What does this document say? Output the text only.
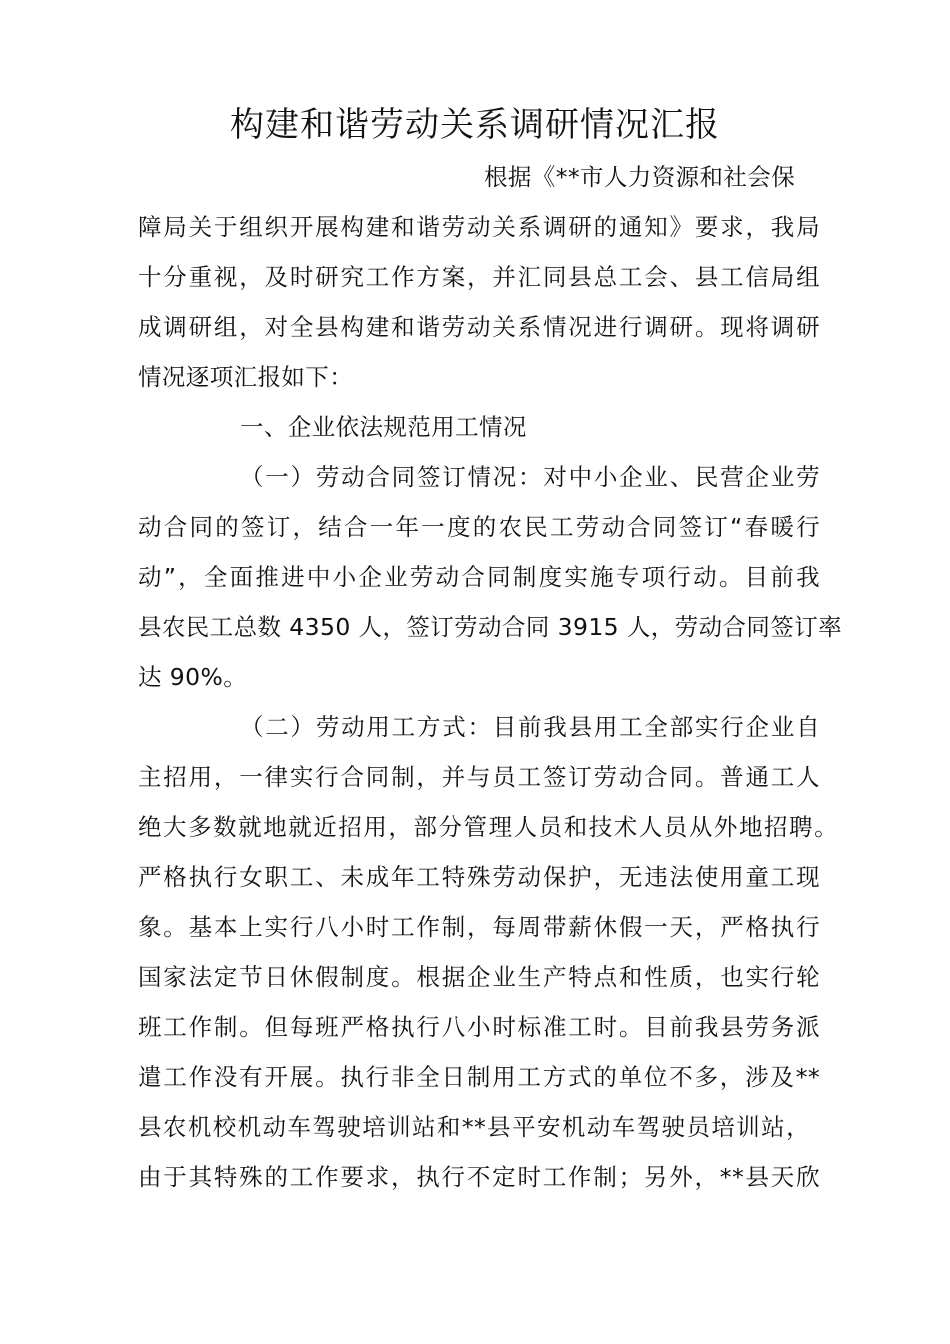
构建和谐劳动关系调研情况汇报
根据《**市人力资源和社会保
障局关于组织开展构建和谐劳动关系调研的通知》要求，我局
十分重视，及时研究工作方案，并汇同县总工会、县工信局组
成调研组，对全县构建和谐劳动关系情况进行调研。现将调研
情况逐项汇报如下：
一、企业依法规范用工情况
（一）劳动合同签订情况：对中小企业、民营企业劳
动合同的签订，结合一年一度的农民工劳动合同签订“春暖行
动”，全面推进中小企业劳动合同制度实施专项行动。目前我
县农民工总数 4350 人，签订劳动合同 3915 人，劳动合同签订率
达 90%。
（二）劳动用工方式：目前我县用工全部实行企业自
主招用，一律实行合同制，并与员工签订劳动合同。普通工人
绝大多数就地就近招用，部分管理人员和技术人员从外地招聘。
严格执行女职工、未成年工特殊劳动保护，无违法使用童工现
象。基本上实行八小时工作制，每周带薪休假一天，严格执行
国家法定节日休假制度。根据企业生产特点和性质，也实行轮
班工作制。但每班严格执行八小时标准工时。目前我县劳务派
遣工作没有开展。执行非全日制用工方式的单位不多，涉及**
县农机校机动车驾驶培训站和**县平安机动车驾驶员培训站，
由于其特殊的工作要求，执行不定时工作制；另外，**县天欣
